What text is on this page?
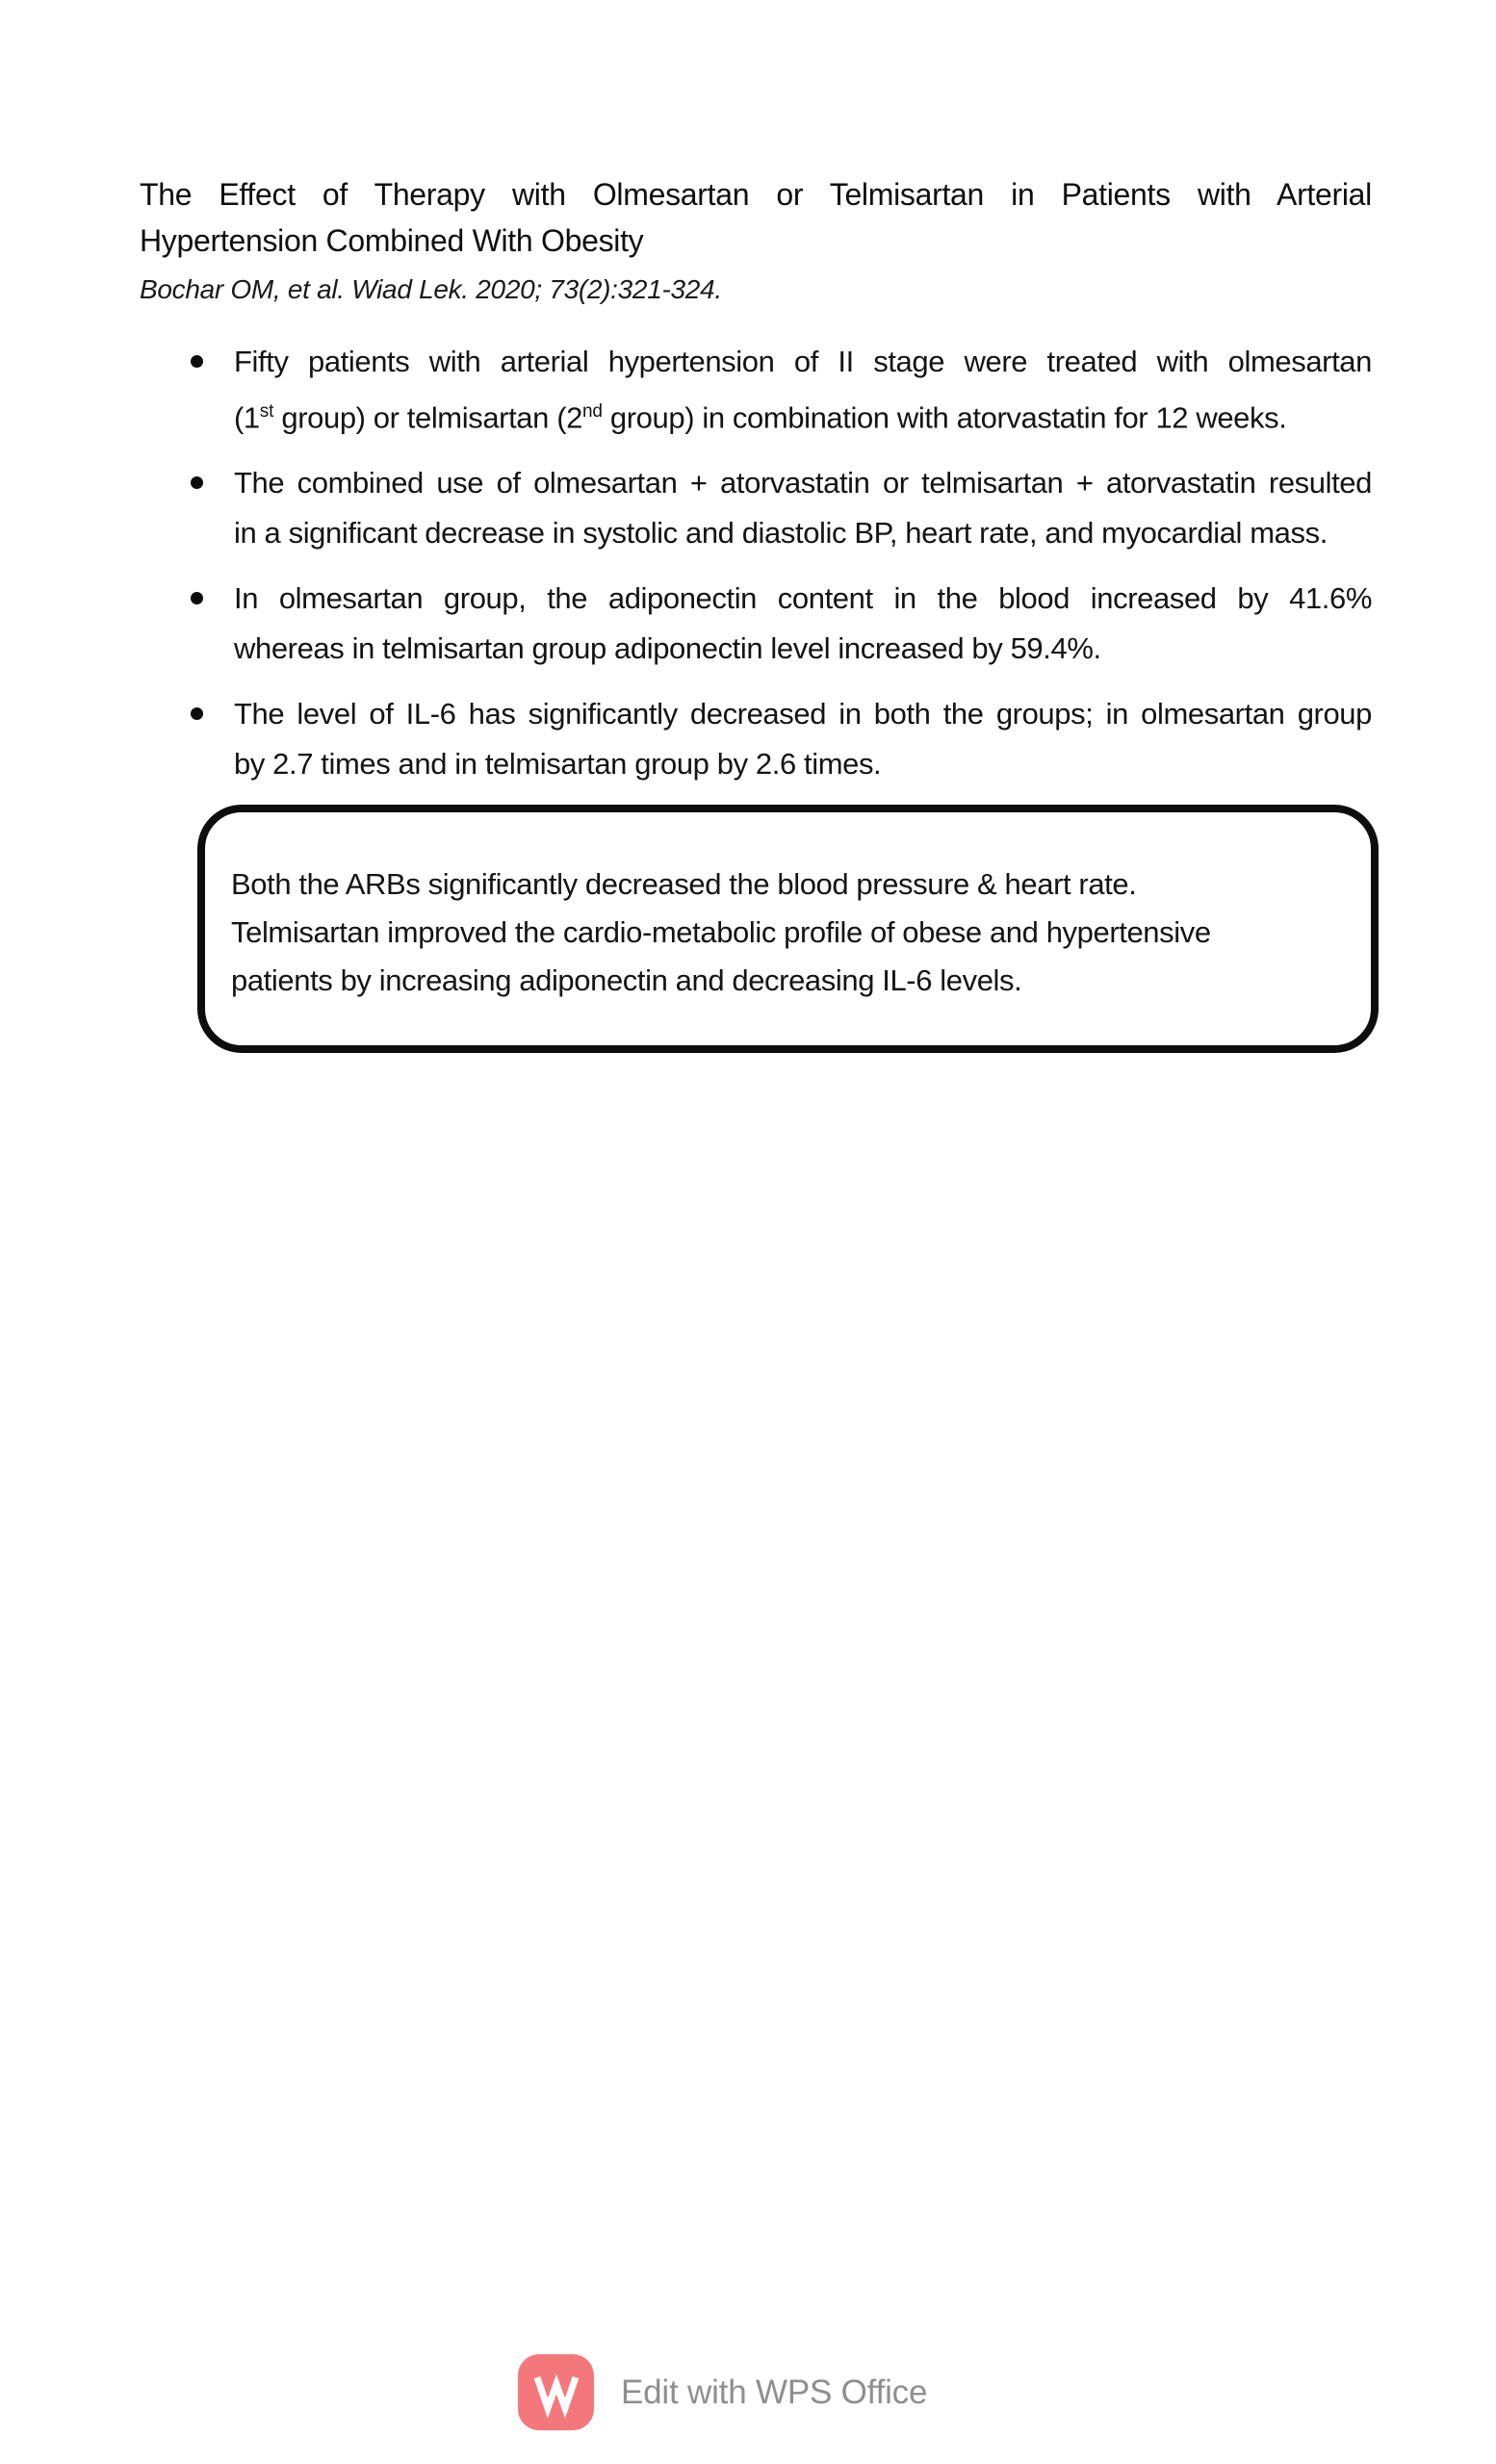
The Effect of Therapy with Olmesartan or Telmisartan in Patients with Arterial
Hypertension Combined With Obesity
Bochar OM, et al. Wiad Lek. 2020; 73(2):321-324.
Fifty patients with arterial hypertension of II stage were treated with olmesartan
(1st group) or telmisartan (2nd group) in combination with atorvastatin for 12 weeks.
The combined use of olmesartan + atorvastatin or telmisartan + atorvastatin resulted
in a significant decrease in systolic and diastolic BP, heart rate, and myocardial mass.
In olmesartan group, the adiponectin content in the blood increased by 41.6%
whereas in telmisartan group adiponectin level increased by 59.4%.
The level of IL-6 has significantly decreased in both the groups; in olmesartan group
by 2.7 times and in telmisartan group by 2.6 times.
Both the ARBs significantly decreased the blood pressure & heart rate.
Telmisartan improved the cardio-metabolic profile of obese and hypertensive
patients by increasing adiponectin and decreasing IL-6 levels.
Edit with WPS Office
